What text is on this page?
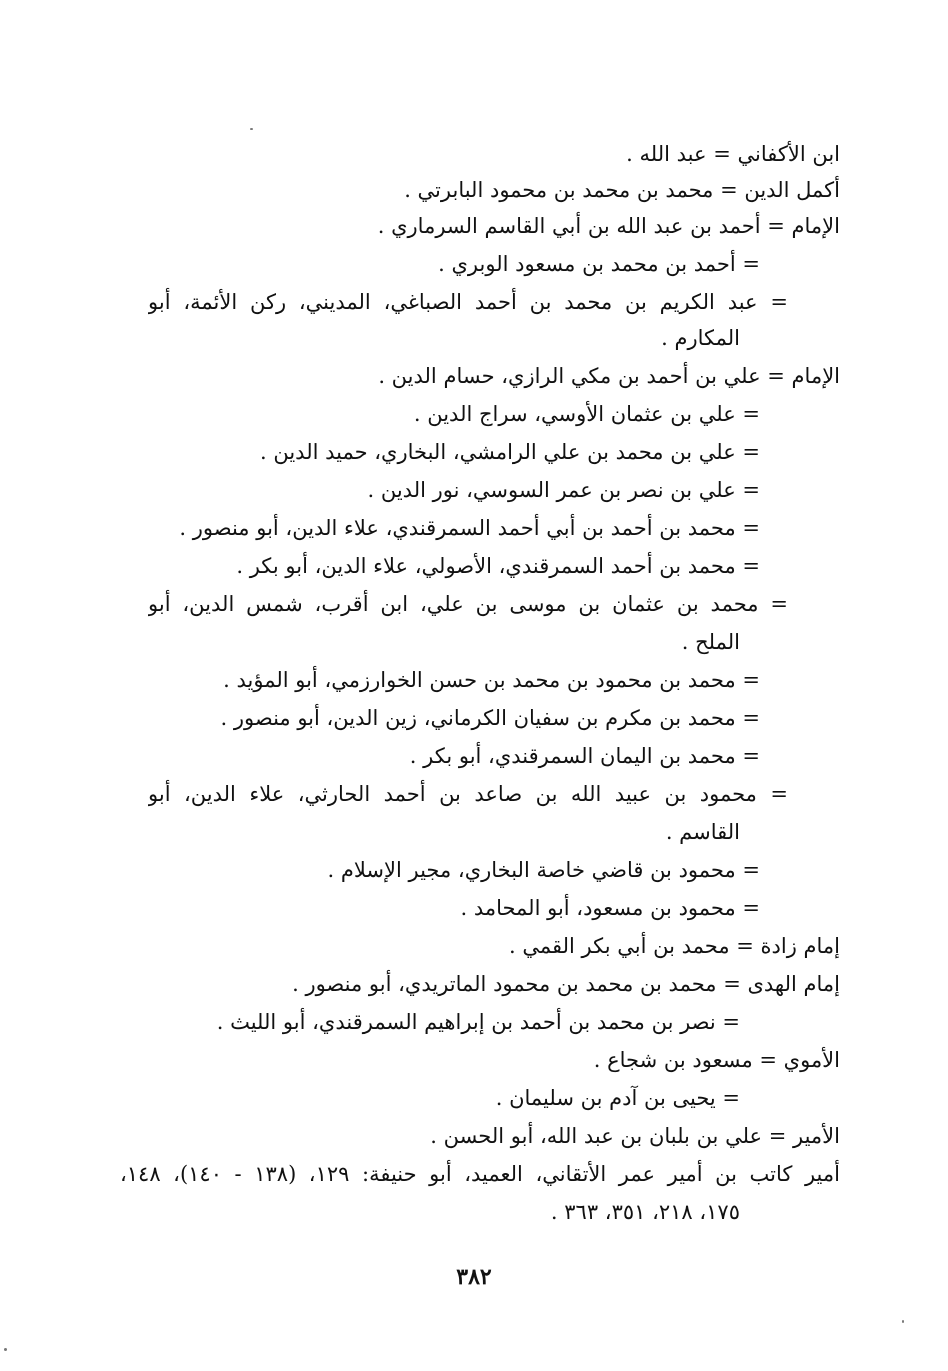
ابن الأكفاني = عبد الله .
أكمل الدين = محمد بن محمد بن محمود البابرتي .
الإمام = أحمد بن عبد الله بن أبي القاسم السرماري .
= أحمد بن محمد بن مسعود الوبري .
= عبد الكريم بن محمد بن أحمد الصباغي، المديني، ركن الأئمة، أبو
المكارم .
الإمام = علي بن أحمد بن مكي الرازي، حسام الدين .
= علي بن عثمان الأوسي، سراج الدين .
= علي بن محمد بن علي الرامشي، البخاري، حميد الدين .
= علي بن نصر بن عمر السوسي، نور الدين .
= محمد بن أحمد بن أبي أحمد السمرقندي، علاء الدين، أبو منصور .
= محمد بن أحمد السمرقندي، الأصولي، علاء الدين، أبو بكر .
= محمد بن عثمان بن موسى بن علي، ابن أقرب، شمس الدين، أبو
الملح .
= محمد بن محمود بن محمد بن حسن الخوارزمي، أبو المؤيد .
= محمد بن مكرم بن سفيان الكرماني، زين الدين، أبو منصور .
= محمد بن اليمان السمرقندي، أبو بكر .
= محمود بن عبيد الله بن صاعد بن أحمد الحارثي، علاء الدين، أبو
القاسم .
= محمود بن قاضي خاصة البخاري، مجير الإسلام .
= محمود بن مسعود، أبو المحامد .
إمام زادة = محمد بن أبي بكر القمي .
إمام الهدى = محمد بن محمد بن محمود الماتريدي، أبو منصور .
= نصر بن محمد بن أحمد بن إبراهيم السمرقندي، أبو الليث .
الأموي = مسعود بن شجاع .
= يحيى بن آدم بن سليمان .
الأمير = علي بن بلبان بن عبد الله، أبو الحسن .
أمير كاتب بن أمير عمر الأتقاني، العميد، أبو حنيفة: ١٢٩، (١٣٨ - ١٤٠)، ١٤٨،
١٧٥، ٢١٨، ٣٥١، ٣٦٣ .
٣٨٢
